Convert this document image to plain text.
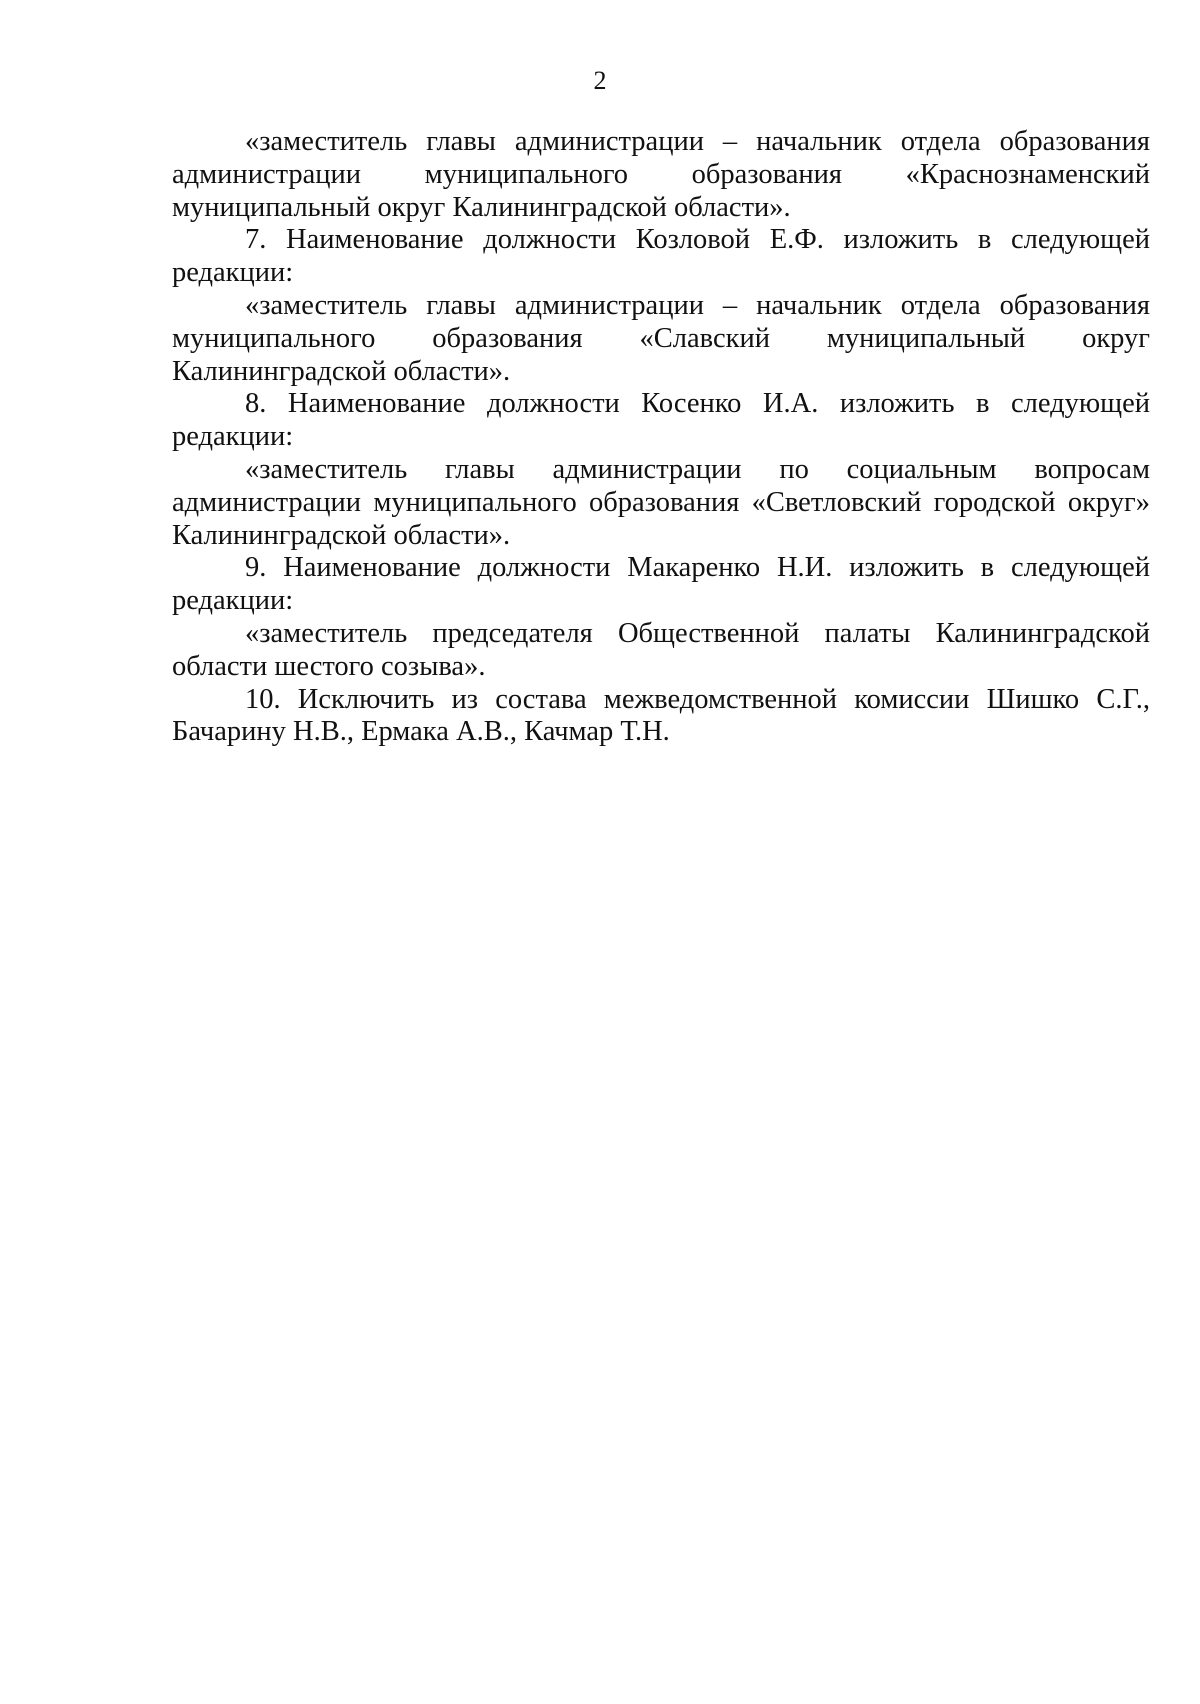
2

«заместитель главы администрации – начальник отдела образования администрации муниципального образования «Краснознаменский муниципальный округ Калининградской области».

7. Наименование должности Козловой Е.Ф. изложить в следующей редакции:

«заместитель главы администрации – начальник отдела образования муниципального образования «Славский муниципальный округ Калининградской области».

8. Наименование должности Косенко И.А. изложить в следующей редакции:

«заместитель главы администрации по социальным вопросам администрации муниципального образования «Светловский городской округ» Калининградской области».

9. Наименование должности Макаренко Н.И. изложить в следующей редакции:

«заместитель председателя Общественной палаты Калининградской области шестого созыва».

10. Исключить из состава межведомственной комиссии Шишко С.Г., Бачарину Н.В., Ермака А.В., Качмар Т.Н.
